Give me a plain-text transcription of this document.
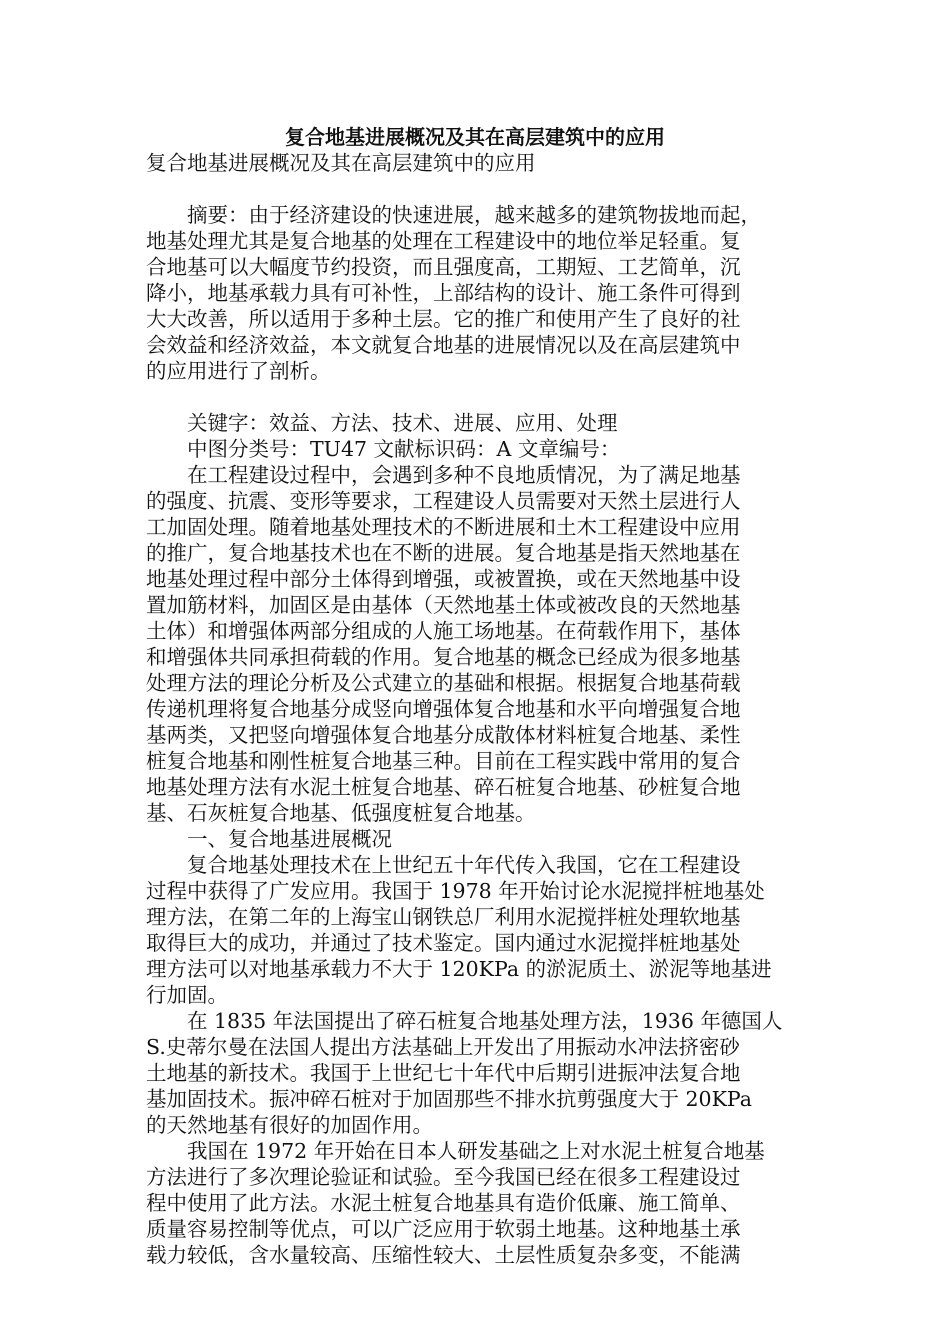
复合地基进展概况及其在高层建筑中的应用
复合地基进展概况及其在高层建筑中的应用
　　摘要：由于经济建设的快速进展，越来越多的建筑物拔地而起，
地基处理尤其是复合地基的处理在工程建设中的地位举足轻重。复
合地基可以大幅度节约投资，而且强度高，工期短、工艺简单，沉
降小，地基承载力具有可补性，上部结构的设计、施工条件可得到
大大改善，所以适用于多种土层。它的推广和使用产生了良好的社
会效益和经济效益，本文就复合地基的进展情况以及在高层建筑中
的应用进行了剖析。
　　关键字：效益、方法、技术、进展、应用、处理
　　中图分类号：TU47 文献标识码：A 文章编号：
　　在工程建设过程中，会遇到多种不良地质情况，为了满足地基
的强度、抗震、变形等要求，工程建设人员需要对天然土层进行人
工加固处理。随着地基处理技术的不断进展和土木工程建设中应用
的推广，复合地基技术也在不断的进展。复合地基是指天然地基在
地基处理过程中部分土体得到增强，或被置换，或在天然地基中设
置加筋材料，加固区是由基体（天然地基土体或被改良的天然地基
土体）和增强体两部分组成的人施工场地基。在荷载作用下，基体
和增强体共同承担荷载的作用。复合地基的概念已经成为很多地基
处理方法的理论分析及公式建立的基础和根据。根据复合地基荷载
传递机理将复合地基分成竖向增强体复合地基和水平向增强复合地
基两类，又把竖向增强体复合地基分成散体材料桩复合地基、柔性
桩复合地基和刚性桩复合地基三种。目前在工程实践中常用的复合
地基处理方法有水泥土桩复合地基、碎石桩复合地基、砂桩复合地
基、石灰桩复合地基、低强度桩复合地基。
　　一、复合地基进展概况
　　复合地基处理技术在上世纪五十年代传入我国，它在工程建设
过程中获得了广发应用。我国于 1978 年开始讨论水泥搅拌桩地基处
理方法，在第二年的上海宝山钢铁总厂利用水泥搅拌桩处理软地基
取得巨大的成功，并通过了技术鉴定。国内通过水泥搅拌桩地基处
理方法可以对地基承载力不大于 120KPa 的淤泥质土、淤泥等地基进
行加固。
　　在 1835 年法国提出了碎石桩复合地基处理方法，1936 年德国人
S.史蒂尔曼在法国人提出方法基础上开发出了用振动水冲法挤密砂
土地基的新技术。我国于上世纪七十年代中后期引进振冲法复合地
基加固技术。振冲碎石桩对于加固那些不排水抗剪强度大于 20KPa
的天然地基有很好的加固作用。
　　我国在 1972 年开始在日本人研发基础之上对水泥土桩复合地基
方法进行了多次理论验证和试验。至今我国已经在很多工程建设过
程中使用了此方法。水泥土桩复合地基具有造价低廉、施工简单、
质量容易控制等优点，可以广泛应用于软弱土地基。这种地基土承
载力较低，含水量较高、压缩性较大、土层性质复杂多变，不能满
